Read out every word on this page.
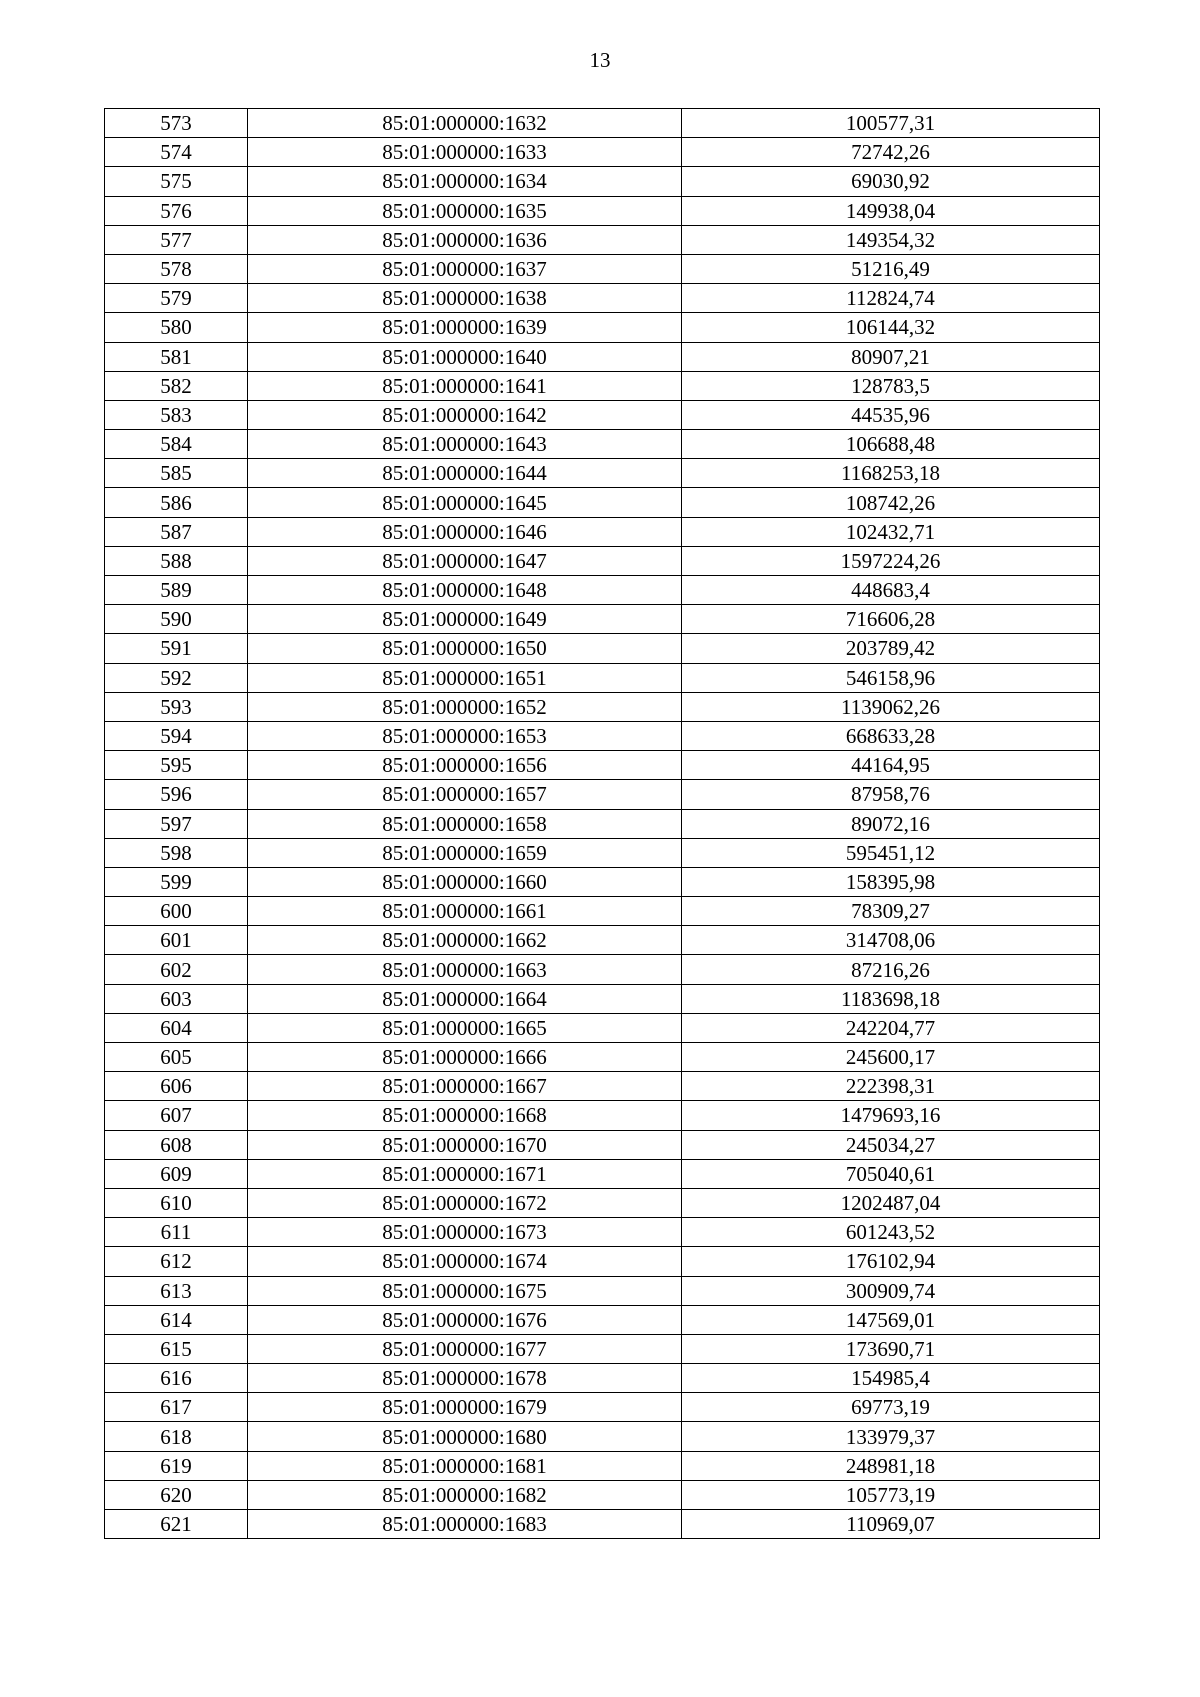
13
573	85:01:000000:1632	100577,31
574	85:01:000000:1633	72742,26
575	85:01:000000:1634	69030,92
576	85:01:000000:1635	149938,04
577	85:01:000000:1636	149354,32
578	85:01:000000:1637	51216,49
579	85:01:000000:1638	112824,74
580	85:01:000000:1639	106144,32
581	85:01:000000:1640	80907,21
582	85:01:000000:1641	128783,5
583	85:01:000000:1642	44535,96
584	85:01:000000:1643	106688,48
585	85:01:000000:1644	1168253,18
586	85:01:000000:1645	108742,26
587	85:01:000000:1646	102432,71
588	85:01:000000:1647	1597224,26
589	85:01:000000:1648	448683,4
590	85:01:000000:1649	716606,28
591	85:01:000000:1650	203789,42
592	85:01:000000:1651	546158,96
593	85:01:000000:1652	1139062,26
594	85:01:000000:1653	668633,28
595	85:01:000000:1656	44164,95
596	85:01:000000:1657	87958,76
597	85:01:000000:1658	89072,16
598	85:01:000000:1659	595451,12
599	85:01:000000:1660	158395,98
600	85:01:000000:1661	78309,27
601	85:01:000000:1662	314708,06
602	85:01:000000:1663	87216,26
603	85:01:000000:1664	1183698,18
604	85:01:000000:1665	242204,77
605	85:01:000000:1666	245600,17
606	85:01:000000:1667	222398,31
607	85:01:000000:1668	1479693,16
608	85:01:000000:1670	245034,27
609	85:01:000000:1671	705040,61
610	85:01:000000:1672	1202487,04
611	85:01:000000:1673	601243,52
612	85:01:000000:1674	176102,94
613	85:01:000000:1675	300909,74
614	85:01:000000:1676	147569,01
615	85:01:000000:1677	173690,71
616	85:01:000000:1678	154985,4
617	85:01:000000:1679	69773,19
618	85:01:000000:1680	133979,37
619	85:01:000000:1681	248981,18
620	85:01:000000:1682	105773,19
621	85:01:000000:1683	110969,07
